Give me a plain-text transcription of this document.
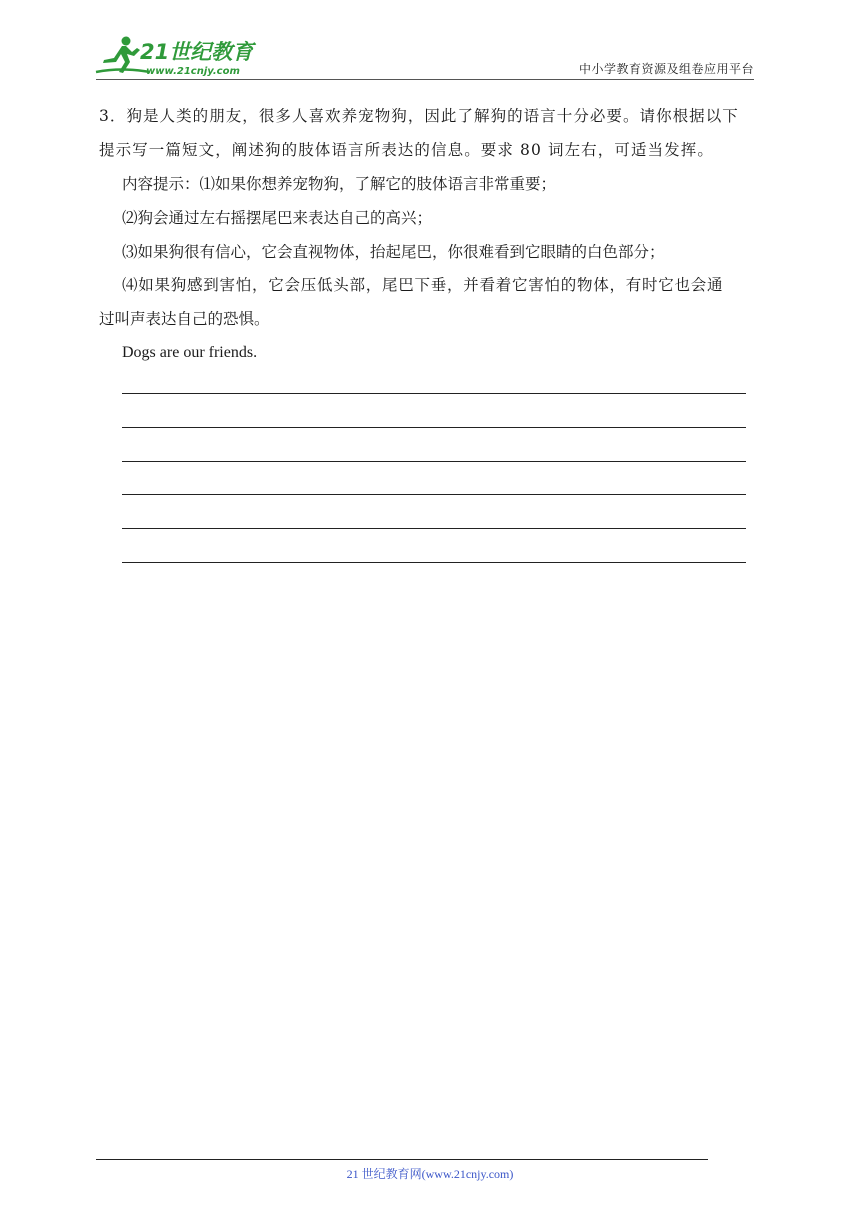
21世纪教育
www.21cnjy.com	中小学教育资源及组卷应用平台
3．狗是人类的朋友，很多人喜欢养宠物狗，因此了解狗的语言十分必要。请你根据以下
提示写一篇短文，阐述狗的肢体语言所表达的信息。要求 80 词左右，可适当发挥。
内容提示：⑴如果你想养宠物狗，了解它的肢体语言非常重要；
⑵狗会通过左右摇摆尾巴来表达自己的高兴；
⑶如果狗很有信心，它会直视物体，抬起尾巴，你很难看到它眼睛的白色部分；
⑷如果狗感到害怕，它会压低头部，尾巴下垂，并看着它害怕的物体，有时它也会通
过叫声表达自己的恐惧。
Dogs are our friends.
21 世纪教育网(www.21cnjy.com)
